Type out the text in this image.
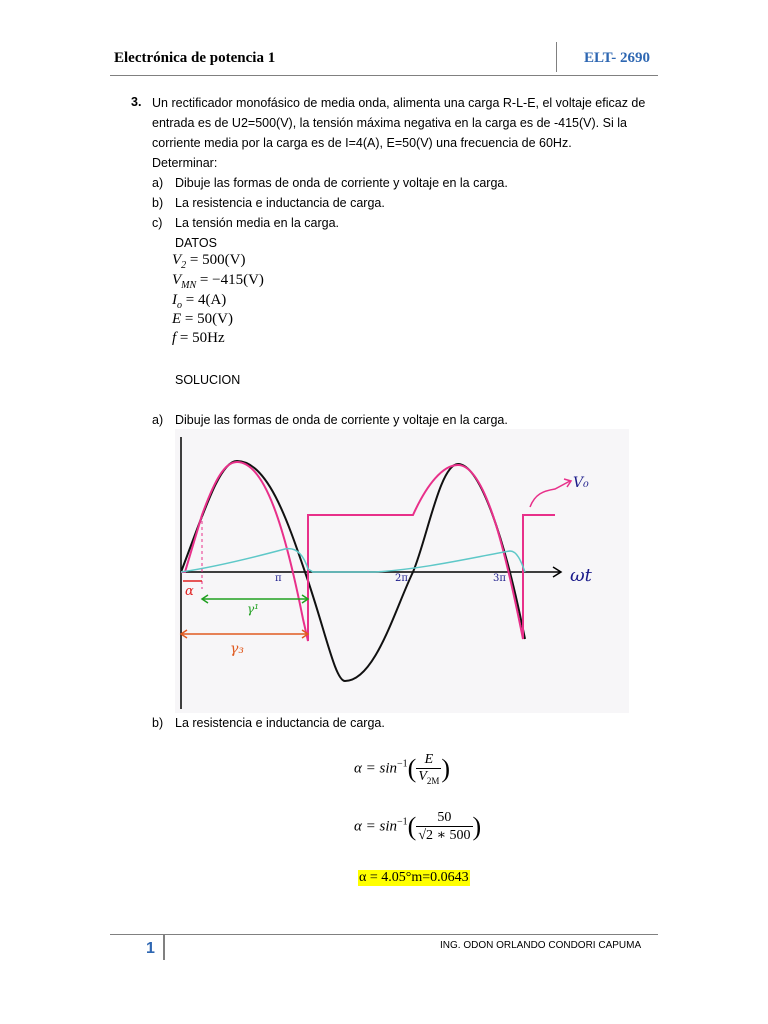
Electrónica de potencia 1	ELT- 2690
3. Un rectificador monofásico de media onda, alimenta una carga R-L-E, el voltaje eficaz de
entrada es de U2=500(V), la tensión máxima negativa en la carga es de -415(V). Si la
corriente media por la carga es de I=4(A), E=50(V) una frecuencia de 60Hz.
Determinar:
a) Dibuje las formas de onda de corriente y voltaje en la carga.
b) La resistencia e inductancia de carga.
c) La tensión media en la carga.
DATOS
$V_2 = 500(V)$
$V_{MN} = -415(V)$
$I_o = 4(A)$
E = 50(V)
f = 50Hz
SOLUCION
a) Dibuje las formas de onda de corriente y voltaje en la carga.
α
π	2π	3π	ωt
γ¹
γ₃
V₀
b) La resistencia e inductancia de carga.
$\alpha = \sin^{-1}( \frac{E}{V_{2M}}$ )
$\alpha = \sin^{-1}( \frac{50}{√2 ∗ 500}$ )
α = 4.05°m=0.0643
1	ING. ODON ORLANDO CONDORI CAPUMA
